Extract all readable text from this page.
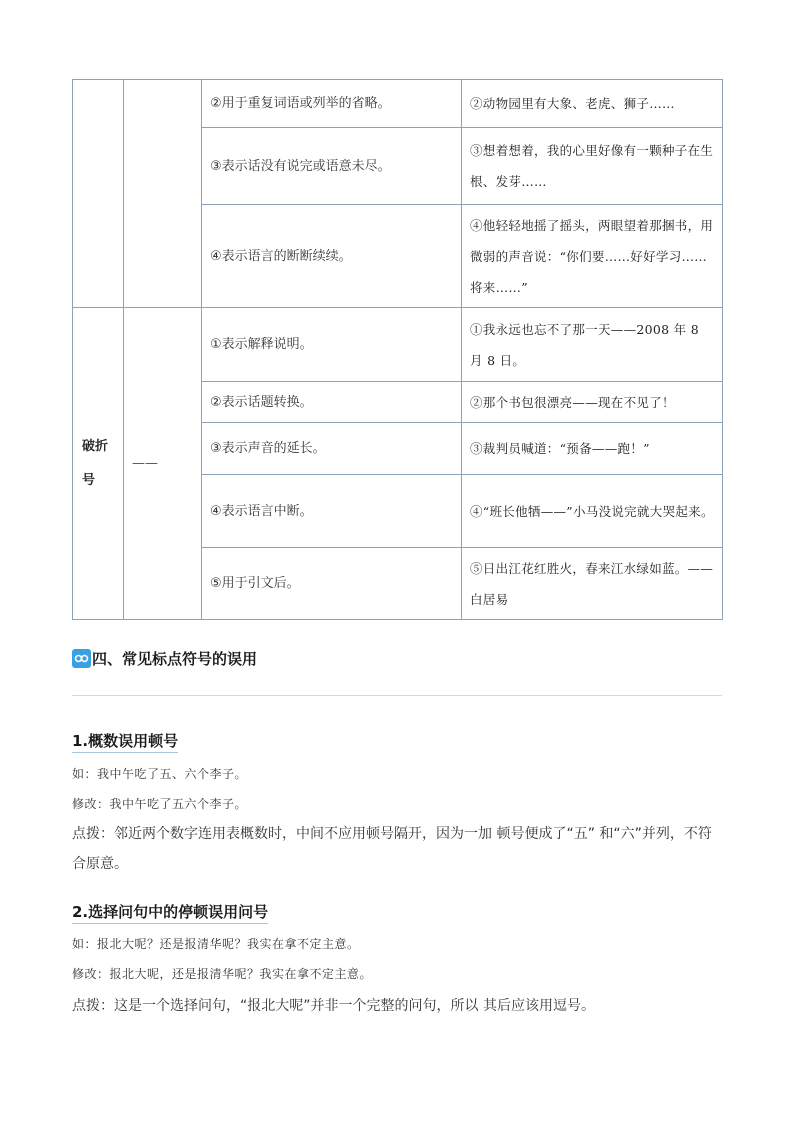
		②用于重复词语或列举的省略。	②动物园里有大象、老虎、狮子……
		③表示话没有说完或语意未尽。	③想着想着，我的心里好像有一颗种子在生根、发芽……
		④表示语言的断断续续。	④他轻轻地摇了摇头，两眼望着那捆书，用微弱的声音说：“你们要……好好学习……将来……”
破折号	——	①表示解释说明。	①我永远也忘不了那一天——2008 年 8 月 8 日。
		②表示话题转换。	②那个书包很漂亮——现在不见了！
		③表示声音的延长。	③裁判员喊道：“预备——跑！”
		④表示语言中断。	④“班长他牺——”小马没说完就大哭起来。
		⑤用于引文后。	⑤日出江花红胜火，春来江水绿如蓝。——白居易
四、常见标点符号的误用
1.概数误用顿号
如：我中午吃了五、六个李子。
修改：我中午吃了五六个李子。
点拨：邻近两个数字连用表概数时，中间不应用顿号隔开，因为一加 顿号便成了“五” 和“六”并列，不符合原意。
2.选择问句中的停顿误用问号
如：报北大呢？还是报清华呢？我实在拿不定主意。
修改：报北大呢，还是报清华呢？我实在拿不定主意。
点拨：这是一个选择问句，“报北大呢”并非一个完整的问句，所以 其后应该用逗号。
